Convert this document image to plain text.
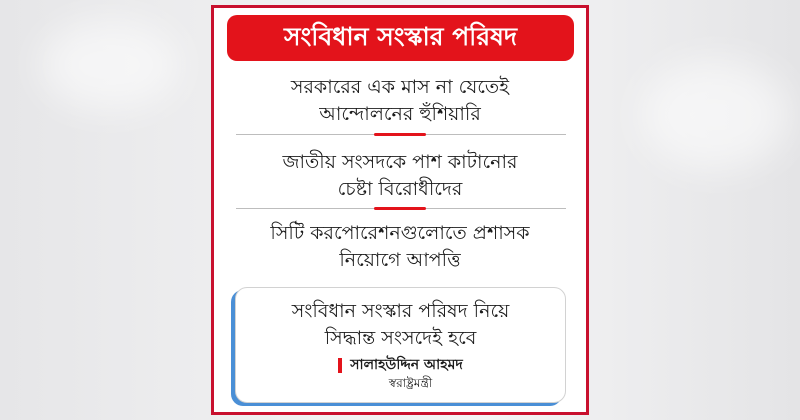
সংবিধান সংস্কার পরিষদ
সরকারের এক মাস না যেতেই
আন্দোলনের হুঁশিয়ারি
জাতীয় সংসদকে পাশ কাটানোর
চেষ্টা বিরোধীদের
সিটি করপোরেশনগুলোতে প্রশাসক
নিয়োগে আপত্তি
সংবিধান সংস্কার পরিষদ নিয়ে
সিদ্ধান্ত সংসদেই হবে
সালাহউদ্দিন আহমদ
স্বরাষ্ট্রমন্ত্রী
